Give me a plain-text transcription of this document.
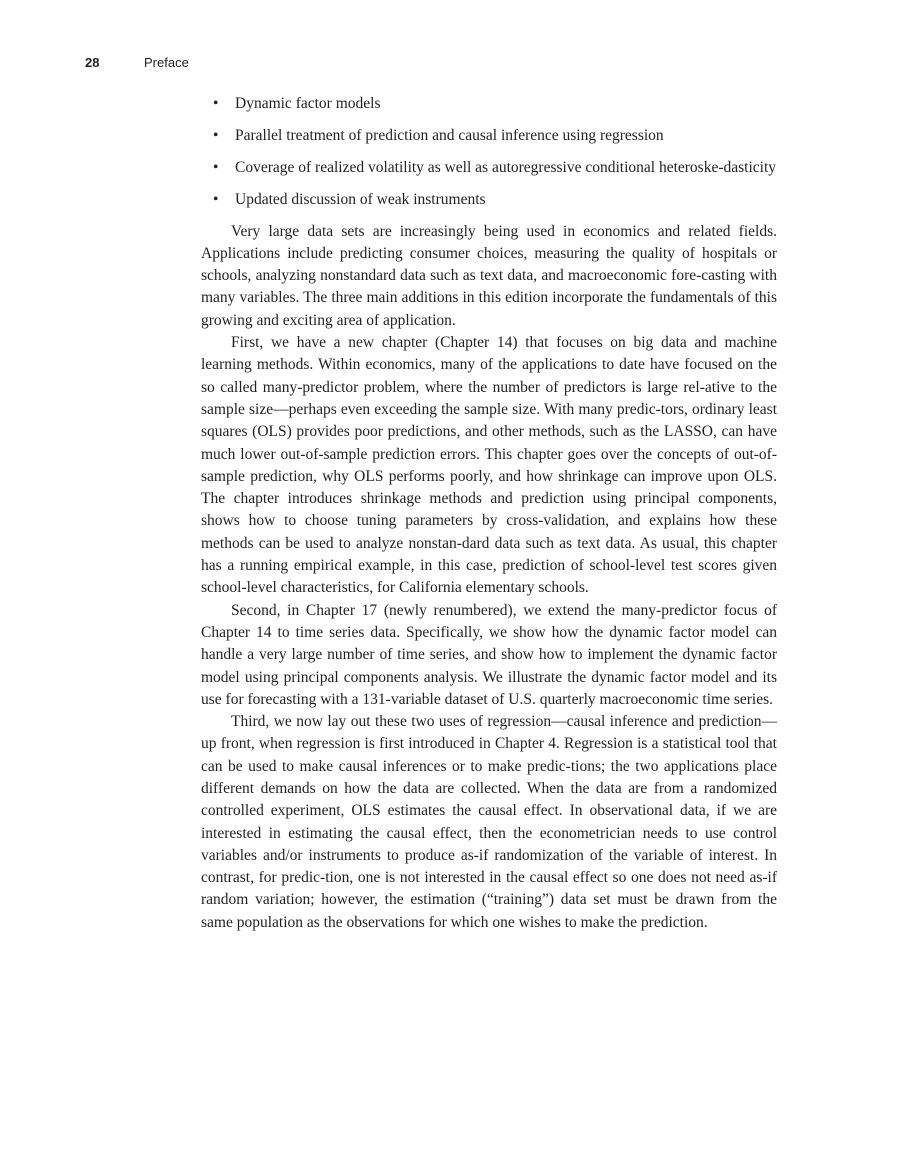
28	Preface
• Dynamic factor models
• Parallel treatment of prediction and causal inference using regression
• Coverage of realized volatility as well as autoregressive conditional heteroske-dasticity
• Updated discussion of weak instruments

Very large data sets are increasingly being used in economics and related fields. Applications include predicting consumer choices, measuring the quality of hospitals or schools, analyzing nonstandard data such as text data, and macroeconomic fore-casting with many variables. The three main additions in this edition incorporate the fundamentals of this growing and exciting area of application.

First, we have a new chapter (Chapter 14) that focuses on big data and machine learning methods. Within economics, many of the applications to date have focused on the so called many-predictor problem, where the number of predictors is large rel-ative to the sample size—perhaps even exceeding the sample size. With many predic-tors, ordinary least squares (OLS) provides poor predictions, and other methods, such as the LASSO, can have much lower out-of-sample prediction errors. This chapter goes over the concepts of out-of-sample prediction, why OLS performs poorly, and how shrinkage can improve upon OLS. The chapter introduces shrinkage methods and prediction using principal components, shows how to choose tuning parameters by cross-validation, and explains how these methods can be used to analyze nonstan-dard data such as text data. As usual, this chapter has a running empirical example, in this case, prediction of school-level test scores given school-level characteristics, for California elementary schools.

Second, in Chapter 17 (newly renumbered), we extend the many-predictor focus of Chapter 14 to time series data. Specifically, we show how the dynamic factor model can handle a very large number of time series, and show how to implement the dynamic factor model using principal components analysis. We illustrate the dynamic factor model and its use for forecasting with a 131-variable dataset of U.S. quarterly macroeconomic time series.

Third, we now lay out these two uses of regression—causal inference and prediction—up front, when regression is first introduced in Chapter 4. Regression is a statistical tool that can be used to make causal inferences or to make predic-tions; the two applications place different demands on how the data are collected. When the data are from a randomized controlled experiment, OLS estimates the causal effect. In observational data, if we are interested in estimating the causal effect, then the econometrician needs to use control variables and/or instruments to produce as-if randomization of the variable of interest. In contrast, for predic-tion, one is not interested in the causal effect so one does not need as-if random variation; however, the estimation (“training”) data set must be drawn from the same population as the observations for which one wishes to make the prediction.
